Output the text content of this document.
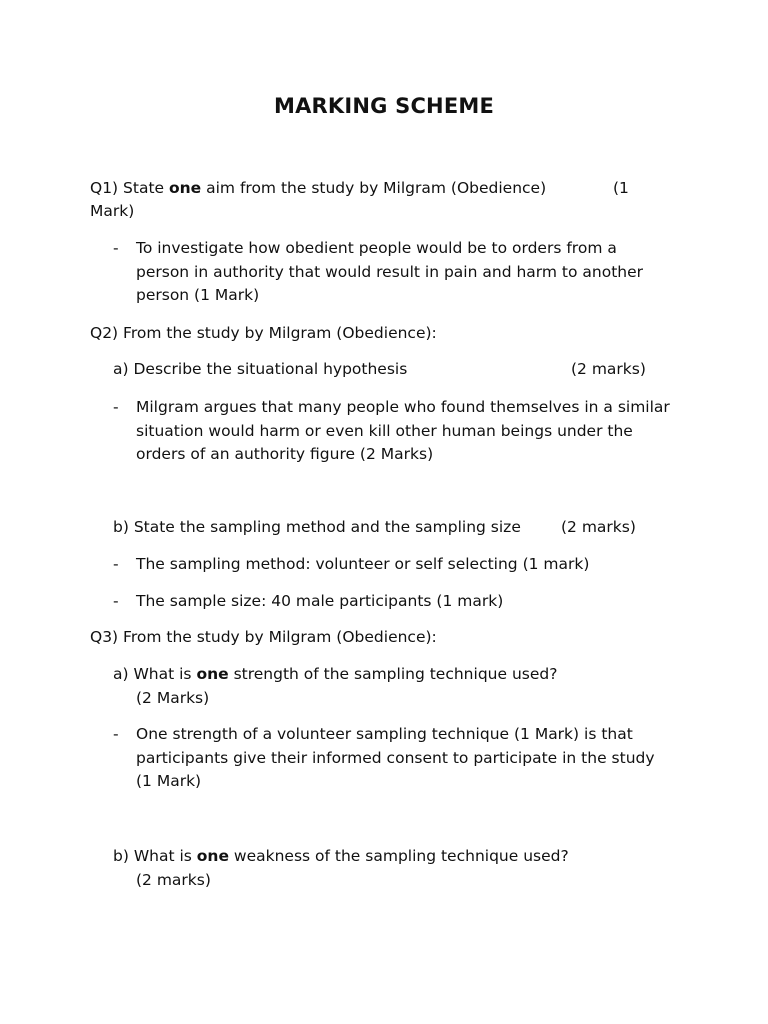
MARKING SCHEME
Q1) State one aim from the study by Milgram (Obedience)	(1
Mark)
- To investigate how obedient people would be to orders from a
person in authority that would result in pain and harm to another
person (1 Mark)
Q2) From the study by Milgram (Obedience):
a) Describe the situational hypothesis	(2 marks)
- Milgram argues that many people who found themselves in a similar
situation would harm or even kill other human beings under the
orders of an authority figure (2 Marks)
b) State the sampling method and the sampling size	(2 marks)
- The sampling method: volunteer or self selecting (1 mark)
- The sample size: 40 male participants (1 mark)
Q3) From the study by Milgram (Obedience):
a) What is one strength of the sampling technique used?
(2 Marks)
- One strength of a volunteer sampling technique (1 Mark) is that
participants give their informed consent to participate in the study
(1 Mark)
b) What is one weakness of the sampling technique used?
(2 marks)
